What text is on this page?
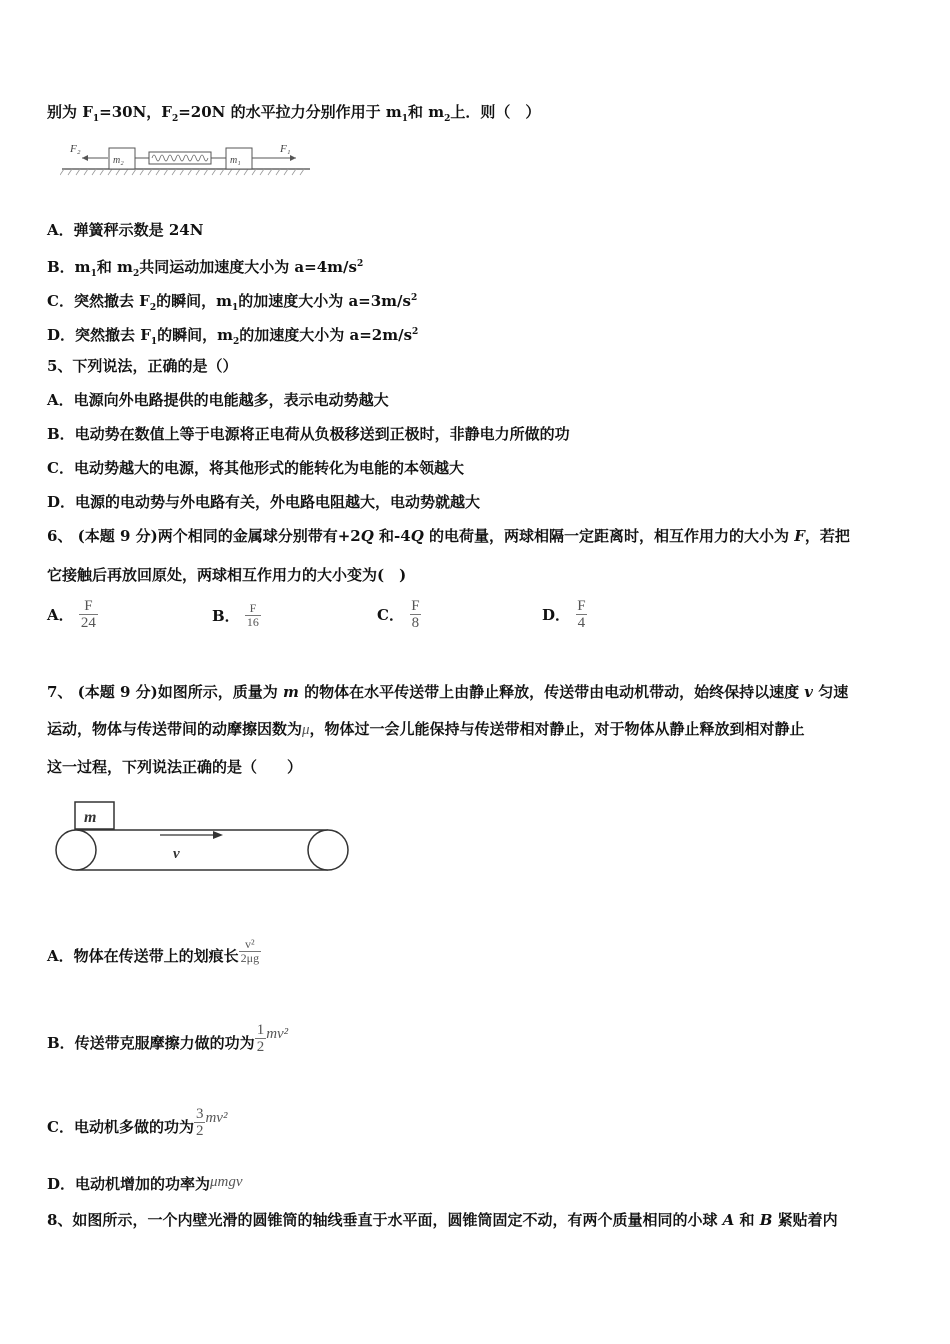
别为 $F_1=30N$，$F_2=20N$ 的水平拉力分别作用于 $m_1$和 $m_2$上．则（　）
F₂
m₂	m₁
F₁
A．弹簧秤示数是 24N
B．$m_1$和 $m_2$共同运动加速度大小为 $a=4m/s^2$
C．突然撤去 $F_2$的瞬间，$m_1$的加速度大小为 $a=3m/s^2$
D．突然撤去 $F_1$的瞬间，$m_2$的加速度大小为 $a=2m/s^2$
5、下列说法，正确的是（）
A．电源向外电路提供的电能越多，表示电动势越大
B．电动势在数值上等于电源将正电荷从负极移送到正极时，非静电力所做的功
C．电动势越大的电源，将其他形式的能转化为电能的本领越大
D．电源的电动势与外电路有关，外电路电阻越大，电动势就越大
6、 (本题 9 分)两个相同的金属球分别带有+2Q 和-4Q 的电荷量，两球相隔一定距离时，相互作用力的大小为 F，若把
它接触后再放回原处，两球相互作用力的大小变为(　)
A． $\frac{F}{24}$	B． $\frac{F}{16}$	C． $\frac{F}{8}$	D． $\frac{F}{4}$
7、 (本题 9 分)如图所示，质量为 m 的物体在水平传送带上由静止释放，传送带由电动机带动，始终保持以速度 v 匀速
运动，物体与传送带间的动摩擦因数为μ，物体过一会儿能保持与传送带相对静止，对于物体从静止释放到相对静止
这一过程，下列说法正确的是（　　）
m
v
A．物体在传送带上的划痕长 $\frac{\text{v²}}{2\mu g}$
B．传送带克服摩擦力做的功为 $\frac{1}{2} mv^2$
C．电动机多做的功为 $\frac{3}{2} mv^2$
D．电动机增加的功率为μmgv
8、如图所示，一个内壁光滑的圆锥筒的轴线垂直于水平面，圆锥筒固定不动，有两个质量相同的小球 A 和 B 紧贴着内
